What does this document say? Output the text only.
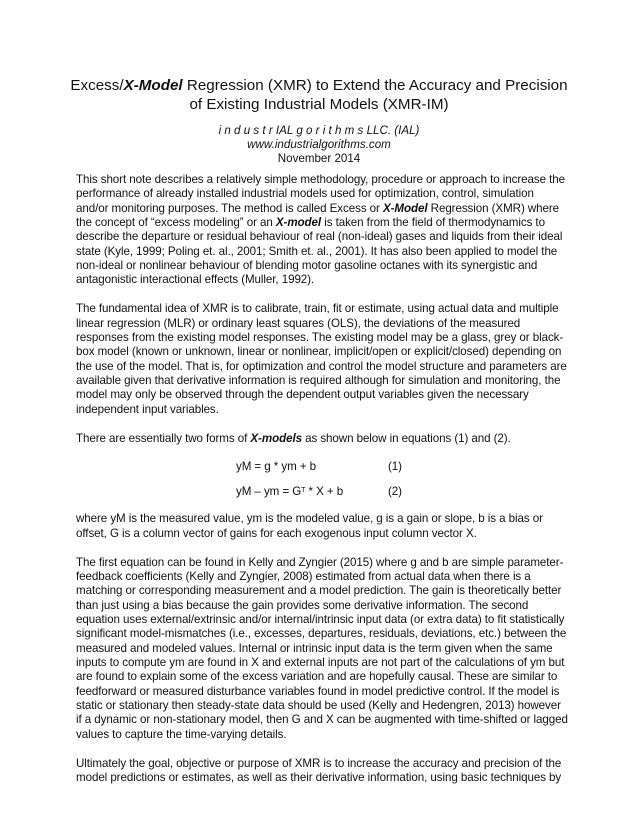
Excess/X-Model Regression (XMR) to Extend the Accuracy and Precision
of Existing Industrial Models (XMR-IM)
i n d u s t r IAL g o r i t h m s LLC. (IAL)
www.industrialgorithms.com
November 2014

This short note describes a relatively simple methodology, procedure or approach to increase the performance of already installed industrial models used for optimization, control, simulation and/or monitoring purposes. The method is called Excess or X-Model Regression (XMR) where the concept of “excess modeling” or an X-model is taken from the field of thermodynamics to describe the departure or residual behaviour of real (non-ideal) gases and liquids from their ideal state (Kyle, 1999; Poling et. al., 2001; Smith et. al., 2001). It has also been applied to model the non-ideal or nonlinear behaviour of blending motor gasoline octanes with its synergistic and antagonistic interactional effects (Muller, 1992).

The fundamental idea of XMR is to calibrate, train, fit or estimate, using actual data and multiple linear regression (MLR) or ordinary least squares (OLS), the deviations of the measured responses from the existing model responses. The existing model may be a glass, grey or black-box model (known or unknown, linear or nonlinear, implicit/open or explicit/closed) depending on the use of the model. That is, for optimization and control the model structure and parameters are available given that derivative information is required although for simulation and monitoring, the model may only be observed through the dependent output variables given the necessary independent input variables.

There are essentially two forms of X-models as shown below in equations (1) and (2).

yM = g * ym + b	(1)
yM – ym = $G^T * X + b$	(2)

where yM is the measured value, ym is the modeled value, g is a gain or slope, b is a bias or offset, G is a column vector of gains for each exogenous input column vector X.

The first equation can be found in Kelly and Zyngier (2015) where g and b are simple parameter- feedback coefficients (Kelly and Zyngier, 2008) estimated from actual data when there is a matching or corresponding measurement and a model prediction. The gain is theoretically better than just using a bias because the gain provides some derivative information. The second equation uses external/extrinsic and/or internal/intrinsic input data (or extra data) to fit statistically significant model-mismatches (i.e., excesses, departures, residuals, deviations, etc.) between the measured and modeled values. Internal or intrinsic input data is the term given when the same inputs to compute ym are found in X and external inputs are not part of the calculations of ym but are found to explain some of the excess variation and are hopefully causal. These are similar to feedforward or measured disturbance variables found in model predictive control. If the model is static or stationary then steady-state data should be used (Kelly and Hedengren, 2013) however if a dynamic or non-stationary model, then G and X can be augmented with time-shifted or lagged values to capture the time-varying details.

Ultimately the goal, objective or purpose of XMR is to increase the accuracy and precision of the model predictions or estimates, as well as their derivative information, using basic techniques by
